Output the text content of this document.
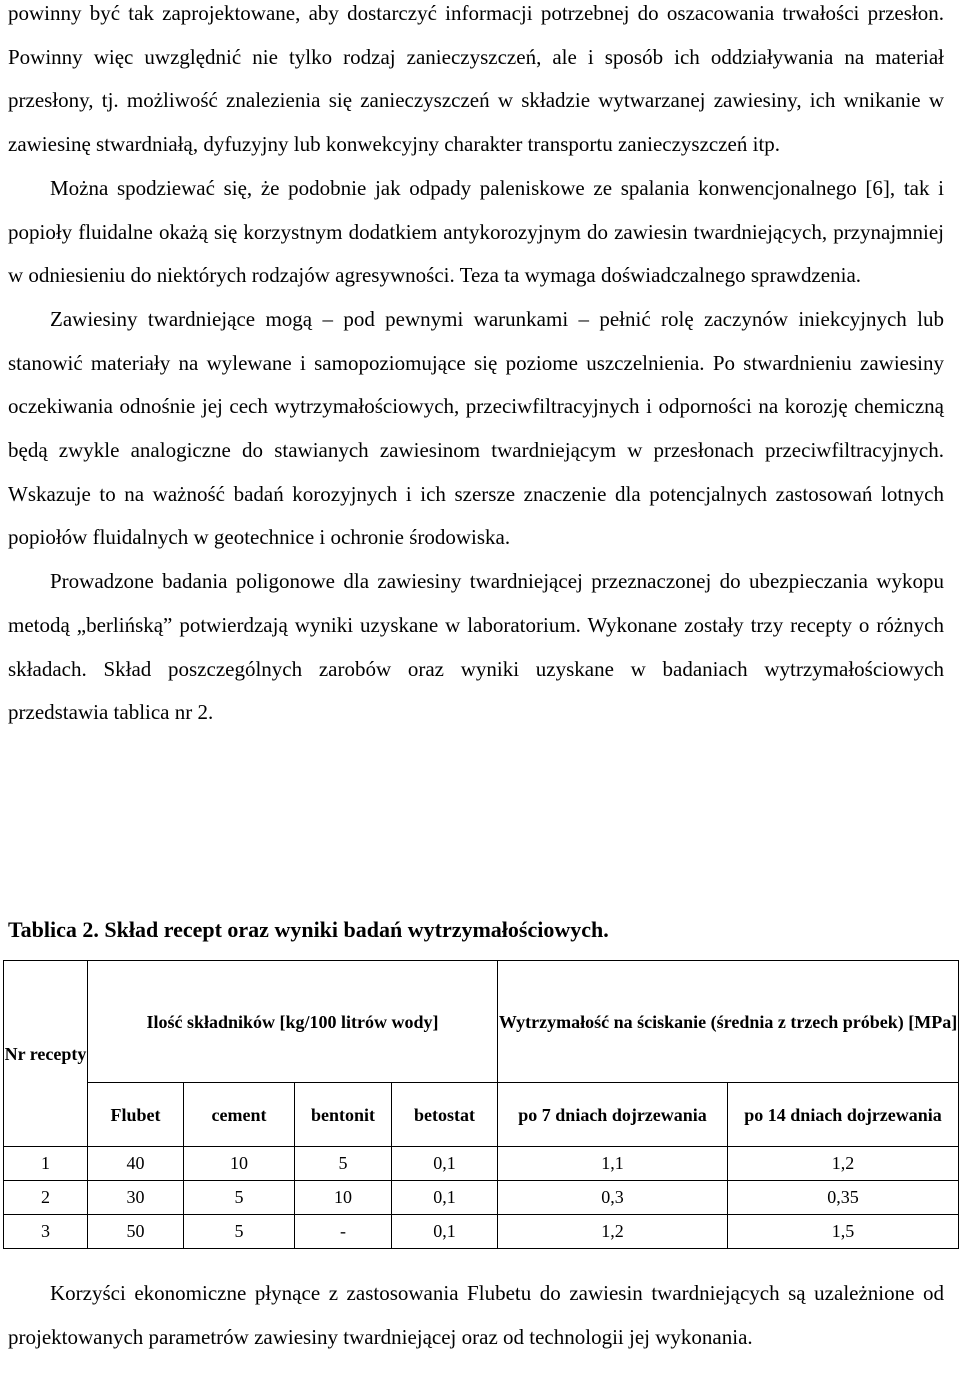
powinny być tak zaprojektowane, aby dostarczyć informacji potrzebnej do oszacowania trwałości przesłon. Powinny więc uwzględnić nie tylko rodzaj zanieczyszczeń, ale i sposób ich oddziaływania na materiał przesłony, tj. możliwość znalezienia się zanieczyszczeń w składzie wytwarzanej zawiesiny, ich wnikanie w zawiesinę stwardniałą, dyfuzyjny lub konwekcyjny charakter transportu zanieczyszczeń itp.

Można spodziewać się, że podobnie jak odpady paleniskowe ze spalania konwencjonalnego [6], tak i popioły fluidalne okażą się korzystnym dodatkiem antykorozyjnym do zawiesin twardniejących, przynajmniej w odniesieniu do niektórych rodzajów agresywności. Teza ta wymaga doświadczalnego sprawdzenia.

Zawiesiny twardniejące mogą – pod pewnymi warunkami – pełnić rolę zaczynów iniekcyjnych lub stanowić materiały na wylewane i samopoziomujące się poziome uszczelnienia. Po stwardnieniu zawiesiny oczekiwania odnośnie jej cech wytrzymałościowych, przeciwfiltracyjnych i odporności na korozję chemiczną będą zwykle analogiczne do stawianych zawiesinom twardniejącym w przesłonach przeciwfiltracyjnych. Wskazuje to na ważność badań korozyjnych i ich szersze znaczenie dla potencjalnych zastosowań lotnych popiołów fluidalnych w geotechnice i ochronie środowiska.

Prowadzone badania poligonowe dla zawiesiny twardniejącej przeznaczonej do ubezpieczania wykopu metodą „berlińską” potwierdzają wyniki uzyskane w laboratorium. Wykonane zostały trzy recepty o różnych składach. Skład poszczególnych zarobów oraz wyniki uzyskane w badaniach wytrzymałościowych przedstawia tablica nr 2.

Tablica 2. Skład recept oraz wyniki badań wytrzymałościowych.

Nr recepty	Ilość składników [kg/100 litrów wody]				Wytrzymałość na ściskanie (średnia z trzech próbek) [MPa]	
	Flubet	cement	bentonit	betostat	po 7 dniach dojrzewania	po 14 dniach dojrzewania
1	40	10	5	0,1	1,1	1,2
2	30	5	10	0,1	0,3	0,35
3	50	5	-	0,1	1,2	1,5

Korzyści ekonomiczne płynące z zastosowania Flubetu do zawiesin twardniejących są uzależnione od projektowanych parametrów zawiesiny twardniejącej oraz od technologii jej wykonania.
